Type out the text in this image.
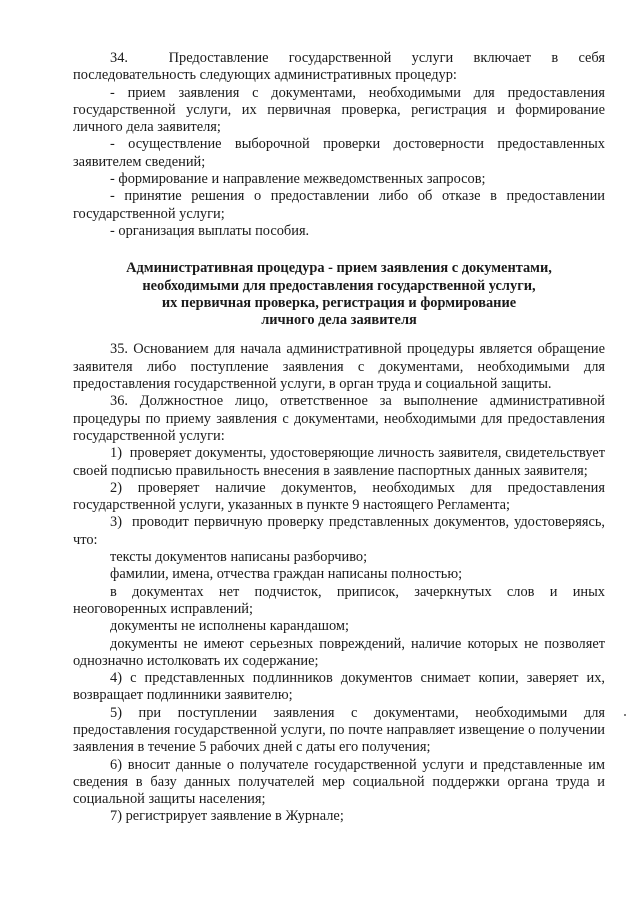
34.  Предоставление государственной услуги включает в себя последовательность следующих административных процедур:

- прием заявления с документами, необходимыми для предоставления государственной услуги, их первичная проверка, регистрация и формирование личного дела заявителя;

- осуществление выборочной проверки достоверности предоставленных заявителем сведений;

- формирование и направление межведомственных запросов;

- принятие решения о предоставлении либо об отказе в предоставлении государственной услуги;

- организация выплаты пособия.

Административная процедура - прием заявления с документами,
необходимыми для предоставления государственной услуги,
их первичная проверка, регистрация и формирование
личного дела заявителя

35. Основанием для начала административной процедуры является обращение заявителя либо поступление заявления с документами, необходимыми для предоставления государственной услуги, в орган труда и социальной защиты.

36. Должностное лицо, ответственное за выполнение административной процедуры по приему заявления с документами, необходимыми для предоставления государственной услуги:

1)  проверяет документы, удостоверяющие личность заявителя, свидетельствует своей подписью правильность внесения в заявление паспортных данных заявителя;

2) проверяет наличие документов, необходимых для предоставления государственной услуги, указанных в пункте 9 настоящего Регламента;

3)  проводит первичную проверку представленных документов, удостоверяясь, что:

тексты документов написаны разборчиво;

фамилии, имена, отчества граждан написаны полностью;

в документах нет подчисток, приписок, зачеркнутых слов и иных неоговоренных исправлений;

документы не исполнены карандашом;

документы не имеют серьезных повреждений, наличие которых не позволяет однозначно истолковать их содержание;

4) с представленных подлинников документов снимает копии, заверяет их, возвращает подлинники заявителю;

5) при поступлении заявления с документами, необходимыми для предоставления государственной услуги, по почте направляет извещение о получении заявления в течение 5 рабочих дней с даты его получения;

6) вносит данные о получателе государственной услуги и представленные им сведения в базу данных получателей мер социальной поддержки органа труда и социальной защиты населения;

7) регистрирует заявление в Журнале;
